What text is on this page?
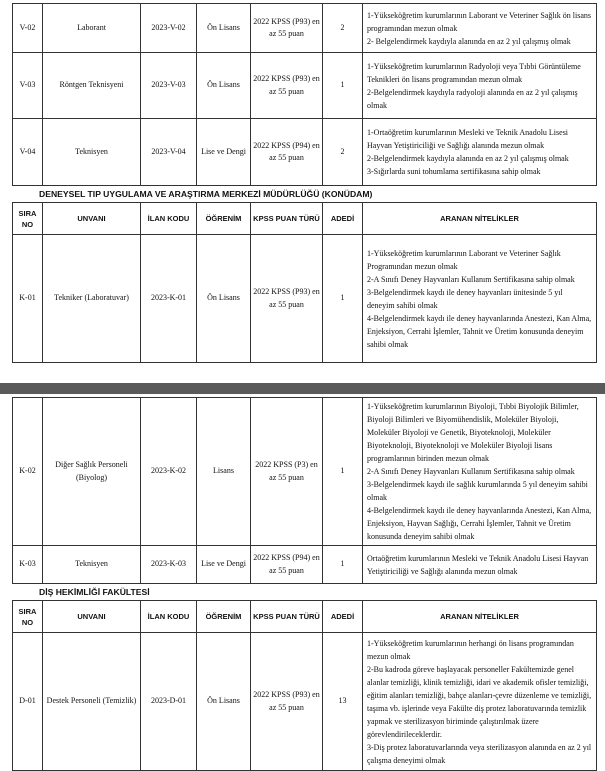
V-02	Laborant	2023-V-02	Ön Lisans	2022 KPSS (P93) en az 55 puan	2	1-Yükseköğretim kurumlarının Laborant ve Veteriner Sağlık ön lisans programından mezun olmak
2- Belgelendirmek kaydıyla alanında en az 2 yıl çalışmış olmak

V-03	Röntgen Teknisyeni	2023-V-03	Ön Lisans	2022 KPSS (P93) en az 55 puan	1	1-Yükseköğretim kurumlarının Radyoloji veya Tıbbi Görüntüleme Teknikleri ön lisans programından mezun olmak
2-Belgelendirmek kaydıyla radyoloji alanında en az 2 yıl çalışmış olmak

V-04	Teknisyen	2023-V-04	Lise ve Dengi	2022 KPSS (P94) en az 55 puan	2	1-Ortaöğretim kurumlarının Mesleki ve Teknik Anadolu Lisesi Hayvan Yetiştiriciliği ve Sağlığı alanında mezun olmak
2-Belgelendirmek kaydıyla alanında en az 2 yıl çalışmış olmak
3-Sığırlarda suni tohumlama sertifikasına sahip olmak
DENEYSEL TIP UYGULAMA VE ARAŞTIRMA MERKEZİ MÜDÜRLÜĞÜ (KONÜDAM)
SIRA NO	UNVANI	İLAN KODU	ÖĞRENİM	KPSS PUAN TÜRÜ	ADEDİ	ARANAN NİTELİKLER
K-01	Tekniker (Laboratuvar)	2023-K-01	Ön Lisans	2022 KPSS (P93) en az 55 puan	1	1-Yükseköğretim kurumlarının Laborant ve Veteriner Sağlık Programından mezun olmak
2-A Sınıfı Deney Hayvanları Kullanım Sertifikasına sahip olmak
3-Belgelendirmek kaydı ile deney hayvanları ünitesinde 5 yıl deneyim sahibi olmak
4-Belgelendirmek kaydı ile deney hayvanlarında Anestezi, Kan Alma, Enjeksiyon, Cerrahi İşlemler, Tahnit ve Üretim konusunda deneyim sahibi olmak
K-02	Diğer Sağlık Personeli (Biyolog)	2023-K-02	Lisans	2022 KPSS (P3) en az 55 puan	1	1-Yükseköğretim kurumlarının Biyoloji, Tıbbi Biyolojik Bilimler, Biyoloji Bilimleri ve Biyomühendislik, Moleküler Biyoloji, Moleküler Biyoloji ve Genetik, Biyoteknoloji, Moleküler Biyoteknoloji, Biyoteknoloji ve Moleküler Biyoloji lisans programlarının birinden mezun olmak
2-A Sınıfı Deney Hayvanları Kullanım Sertifikasına sahip olmak
3-Belgelendirmek kaydı ile sağlık kurumlarında 5 yıl deneyim sahibi olmak
4-Belgelendirmek kaydı ile deney hayvanlarında Anestezi, Kan Alma, Enjeksiyon, Hayvan Sağlığı, Cerrahi İşlemler, Tahnit ve Üretim konusunda deneyim sahibi olmak

K-03	Teknisyen	2023-K-03	Lise ve Dengi	2022 KPSS (P94) en az 55 puan	1	Ortaöğretim kurumlarının Mesleki ve Teknik Anadolu Lisesi Hayvan Yetiştiriciliği ve Sağlığı alanında mezun olmak
DİŞ HEKİMLİĞİ FAKÜLTESİ
SIRA NO	UNVANI	İLAN KODU	ÖĞRENİM	KPSS PUAN TÜRÜ	ADEDİ	ARANAN NİTELİKLER
D-01	Destek Personeli (Temizlik)	2023-D-01	Ön Lisans	2022 KPSS (P93) en az 55 puan	13	1-Yükseköğretim kurumlarının herhangi ön lisans programından mezun olmak
2-Bu kadroda göreve başlayacak personeller Fakültemizde genel alanlar temizliği, klinik temizliği, idari ve akademik ofisler temizliği, eğitim alanları temizliği, bahçe alanları-çevre düzenleme ve temizliği, taşıma vb. işlerinde veya Fakülte diş protez laboratuvarında temizlik yapmak ve sterilizasyon biriminde çalıştırılmak üzere görevlendirileceklerdir.
3-Diş protez laboratuvarlarında veya sterilizasyon alanında en az 2 yıl çalışma deneyimi olmak
